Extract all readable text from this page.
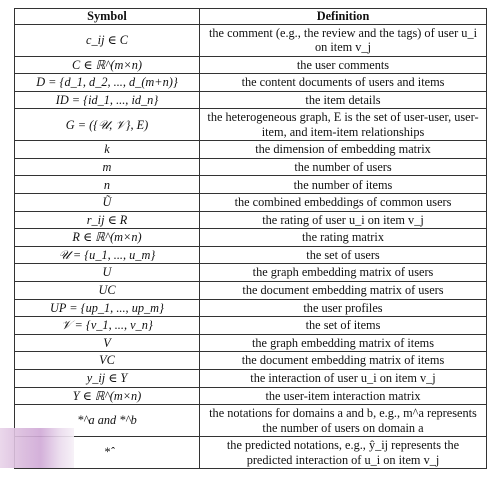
Symbol	Definition
c_ij ∈ C	the comment (e.g., the review and the tags) of user u_i on item v_j
C ∈ ℝ^(m×n)	the user comments
D = {d_1, d_2, ..., d_(m+n)}	the content documents of users and items
ID = {id_1, ..., id_n}	the item details
G = ({𝒰, 𝒱}, E)	the heterogeneous graph, E is the set of user-user, user-item, and item-item relationships
k	the dimension of embedding matrix
m	the number of users
n	the number of items
Ũ	the combined embeddings of common users
r_ij ∈ R	the rating of user u_i on item v_j
R ∈ ℝ^(m×n)	the rating matrix
𝒰 = {u_1, ..., u_m}	the set of users
U	the graph embedding matrix of users
UC	the document embedding matrix of users
UP = {up_1, ..., up_m}	the user profiles
𝒱 = {v_1, ..., v_n}	the set of items
V	the graph embedding matrix of items
VC	the document embedding matrix of items
y_ij ∈ Y	the interaction of user u_i on item v_j
Y ∈ ℝ^(m×n)	the user-item interaction matrix
*^a and *^b	the notations for domains a and b, e.g., m^a represents the number of users on domain a
*̂	the predicted notations, e.g., ŷ_ij represents the predicted interaction of u_i on item v_j
